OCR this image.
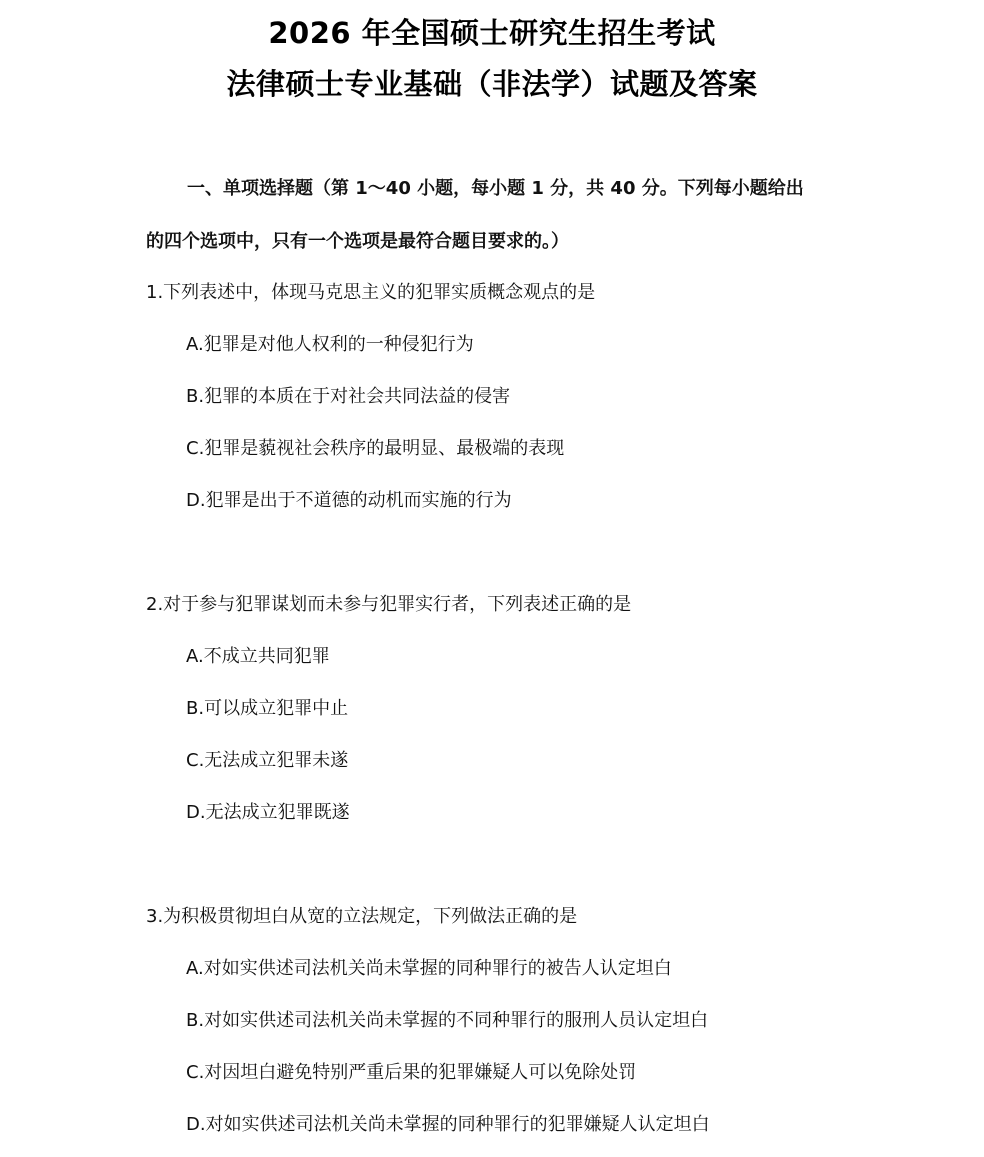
2026 年全国硕士研究生招生考试
法律硕士专业基础（非法学）试题及答案
一、单项选择题（第 1～40 小题，每小题 1 分，共 40 分。下列每小题给出
的四个选项中，只有一个选项是最符合题目要求的。）
1.下列表述中，体现马克思主义的犯罪实质概念观点的是
A.犯罪是对他人权利的一种侵犯行为
B.犯罪的本质在于对社会共同法益的侵害
C.犯罪是藐视社会秩序的最明显、最极端的表现
D.犯罪是出于不道德的动机而实施的行为
2.对于参与犯罪谋划而未参与犯罪实行者，下列表述正确的是
A.不成立共同犯罪
B.可以成立犯罪中止
C.无法成立犯罪未遂
D.无法成立犯罪既遂
3.为积极贯彻坦白从宽的立法规定，下列做法正确的是
A.对如实供述司法机关尚未掌握的同种罪行的被告人认定坦白
B.对如实供述司法机关尚未掌握的不同种罪行的服刑人员认定坦白
C.对因坦白避免特别严重后果的犯罪嫌疑人可以免除处罚
D.对如实供述司法机关尚未掌握的同种罪行的犯罪嫌疑人认定坦白
